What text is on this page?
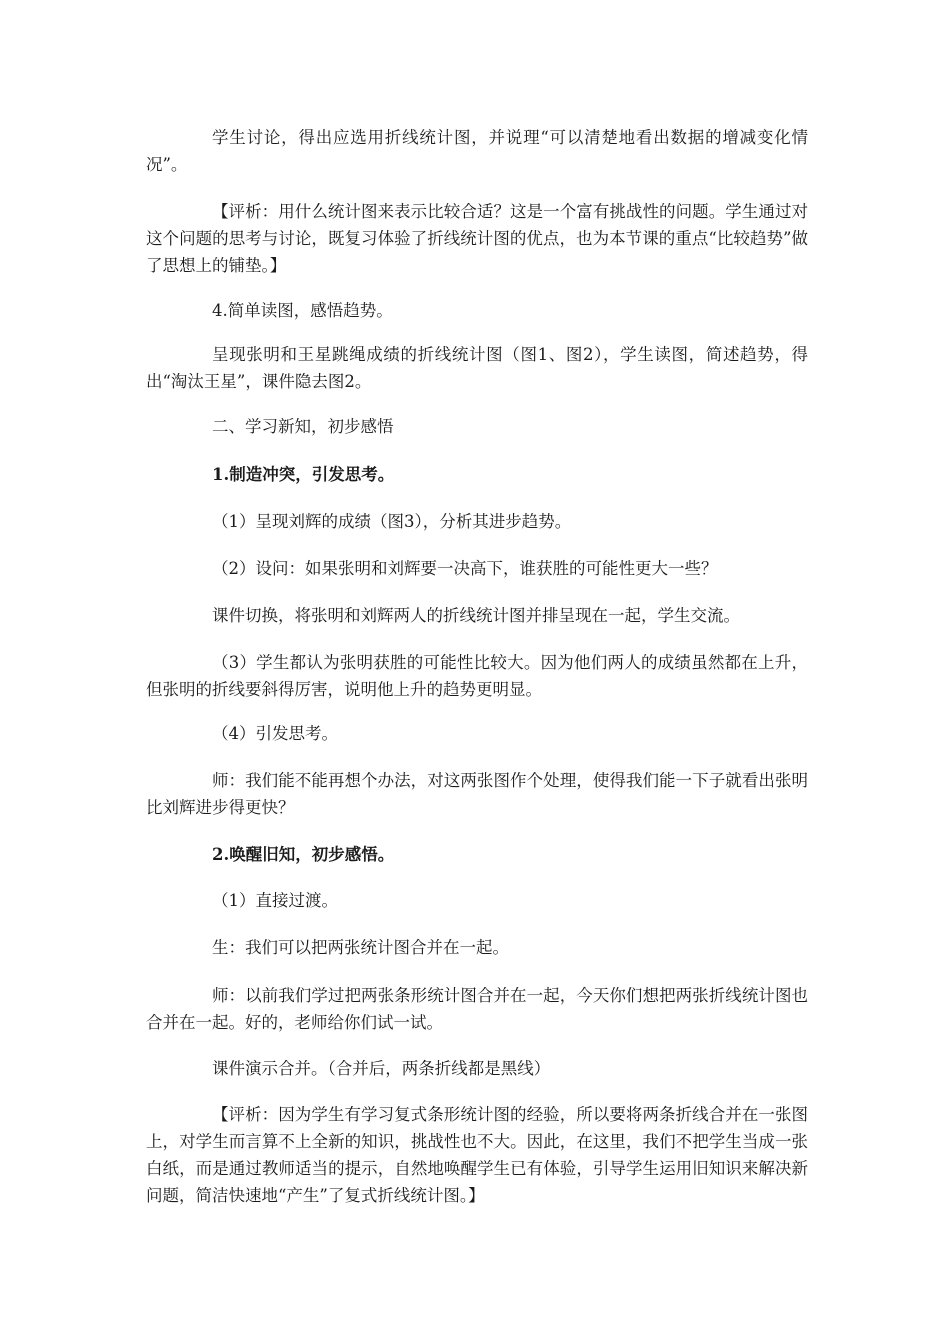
学生讨论，得出应选用折线统计图，并说理“可以清楚地看出数据的增减变化情况”。

【评析：用什么统计图来表示比较合适？这是一个富有挑战性的问题。学生通过对这个问题的思考与讨论，既复习体验了折线统计图的优点，也为本节课的重点“比较趋势”做了思想上的铺垫。】

4.简单读图，感悟趋势。

呈现张明和王星跳绳成绩的折线统计图（图1、图2），学生读图，简述趋势，得出“淘汰王星”，课件隐去图2。

二、学习新知，初步感悟

1.制造冲突，引发思考。

（1）呈现刘辉的成绩（图3），分析其进步趋势。

（2）设问：如果张明和刘辉要一决高下，谁获胜的可能性更大一些？

课件切换，将张明和刘辉两人的折线统计图并排呈现在一起，学生交流。

（3）学生都认为张明获胜的可能性比较大。因为他们两人的成绩虽然都在上升，但张明的折线要斜得厉害，说明他上升的趋势更明显。

（4）引发思考。

师：我们能不能再想个办法，对这两张图作个处理，使得我们能一下子就看出张明比刘辉进步得更快？

2.唤醒旧知，初步感悟。

（1）直接过渡。

生：我们可以把两张统计图合并在一起。

师：以前我们学过把两张条形统计图合并在一起，今天你们想把两张折线统计图也合并在一起。好的，老师给你们试一试。

课件演示合并。（合并后，两条折线都是黑线）

【评析：因为学生有学习复式条形统计图的经验，所以要将两条折线合并在一张图上，对学生而言算不上全新的知识，挑战性也不大。因此，在这里，我们不把学生当成一张白纸，而是通过教师适当的提示，自然地唤醒学生已有体验，引导学生运用旧知识来解决新问题，简洁快速地“产生”了复式折线统计图。】
